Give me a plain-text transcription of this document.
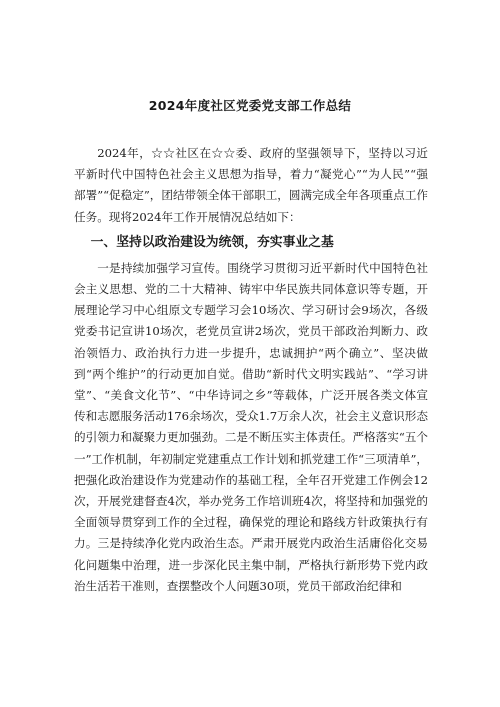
2024年度社区党委党支部工作总结

2024年，☆☆社区在☆☆委、政府的坚强领导下，坚持以习近平新时代中国特色社会主义思想为指导，着力“凝党心”“为人民”“强部署”“促稳定”，团结带领全体干部职工，圆满完成全年各项重点工作任务。现将2024年工作开展情况总结如下：

一、坚持以政治建设为统领，夯实事业之基

一是持续加强学习宣传。围绕学习贯彻习近平新时代中国特色社会主义思想、党的二十大精神、铸牢中华民族共同体意识等专题，开展理论学习中心组原文专题学习会10场次、学习研讨会9场次，各级党委书记宣讲10场次，老党员宣讲2场次，党员干部政治判断力、政治领悟力、政治执行力进一步提升，忠诚拥护“两个确立”、坚决做到“两个维护”的行动更加自觉。借助“新时代文明实践站”、“学习讲堂”、“美食文化节”、“中华诗词之乡”等载体，广泛开展各类文体宣传和志愿服务活动176余场次，受众1.7万余人次，社会主义意识形态的引领力和凝聚力更加强劲。二是不断压实主体责任。严格落实“五个一”工作机制，年初制定党建重点工作计划和抓党建工作“三项清单”，把强化政治建设作为党建动作的基础工程，全年召开党建工作例会12次，开展党建督查4次，举办党务工作培训班4次，将坚持和加强党的全面领导贯穿到工作的全过程，确保党的理论和路线方针政策执行有力。三是持续净化党内政治生态。严肃开展党内政治生活庸俗化交易化问题集中治理，进一步深化民主集中制，严格执行新形势下党内政治生活若干准则，查摆整改个人问题30项，党员干部政治纪律和
